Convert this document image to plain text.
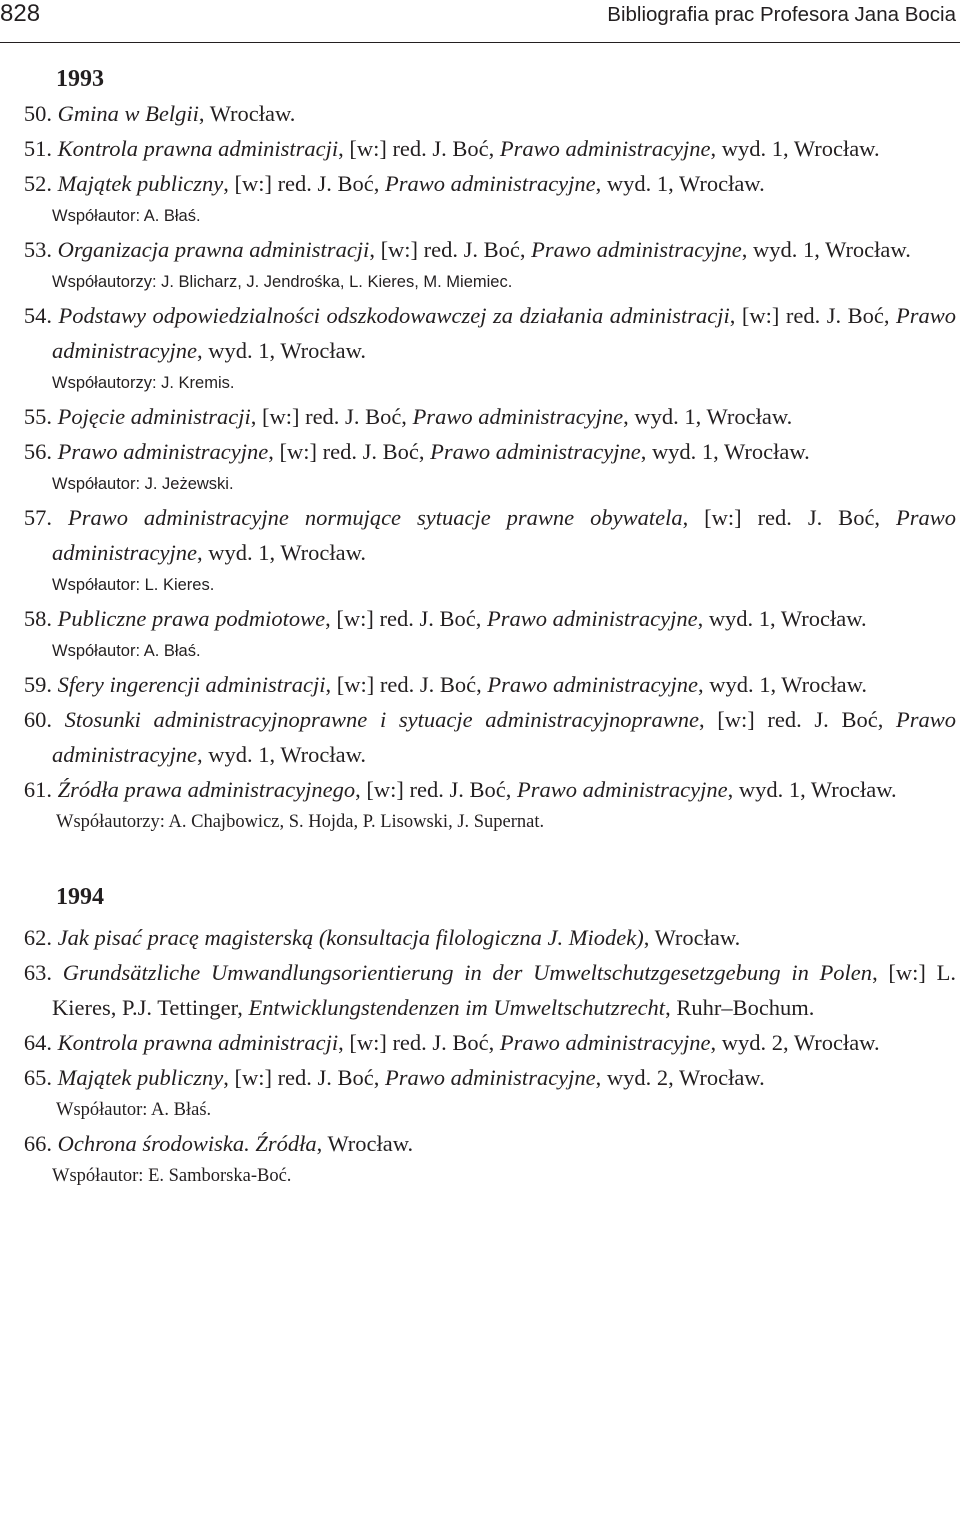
828	Bibliografia prac Profesora Jana Bocia
1993
50. Gmina w Belgii, Wrocław.
51. Kontrola prawna administracji, [w:] red. J. Boć, Prawo administracyjne, wyd. 1, Wrocław.
52. Majątek publiczny, [w:] red. J. Boć, Prawo administracyjne, wyd. 1, Wrocław.
Współautor: A. Błaś.
53. Organizacja prawna administracji, [w:] red. J. Boć, Prawo administracyjne, wyd. 1, Wrocław.
Współautorzy: J. Blicharz, J. Jendrośka, L. Kieres, M. Miemiec.
54. Podstawy odpowiedzialności odszkodowawczej za działania administracji, [w:] red. J. Boć, Prawo administracyjne, wyd. 1, Wrocław.
Współautorzy: J. Kremis.
55. Pojęcie administracji, [w:] red. J. Boć, Prawo administracyjne, wyd. 1, Wrocław.
56. Prawo administracyjne, [w:] red. J. Boć, Prawo administracyjne, wyd. 1, Wrocław.
Współautor: J. Jeżewski.
57. Prawo administracyjne normujące sytuacje prawne obywatela, [w:] red. J. Boć, Prawo administracyjne, wyd. 1, Wrocław.
Współautor: L. Kieres.
58. Publiczne prawa podmiotowe, [w:] red. J. Boć, Prawo administracyjne, wyd. 1, Wrocław.
Współautor: A. Błaś.
59. Sfery ingerencji administracji, [w:] red. J. Boć, Prawo administracyjne, wyd. 1, Wrocław.
60. Stosunki administracyjnoprawne i sytuacje administracyjnoprawne, [w:] red. J. Boć, Prawo administracyjne, wyd. 1, Wrocław.
61. Źródła prawa administracyjnego, [w:] red. J. Boć, Prawo administracyjne, wyd. 1, Wrocław.
Współautorzy: A. Chajbowicz, S. Hojda, P. Lisowski, J. Supernat.
1994
62. Jak pisać pracę magisterską (konsultacja filologiczna J. Miodek), Wrocław.
63. Grundsätzliche Umwandlungsorientierung in der Umweltschutzgesetzgebung in Polen, [w:] L. Kieres, P.J. Tettinger, Entwicklungstendenzen im Umweltschutzrecht, Ruhr–Bochum.
64. Kontrola prawna administracji, [w:] red. J. Boć, Prawo administracyjne, wyd. 2, Wrocław.
65. Majątek publiczny, [w:] red. J. Boć, Prawo administracyjne, wyd. 2, Wrocław.
Współautor: A. Błaś.
66. Ochrona środowiska. Źródła, Wrocław.
Współautor: E. Samborska-Boć.
